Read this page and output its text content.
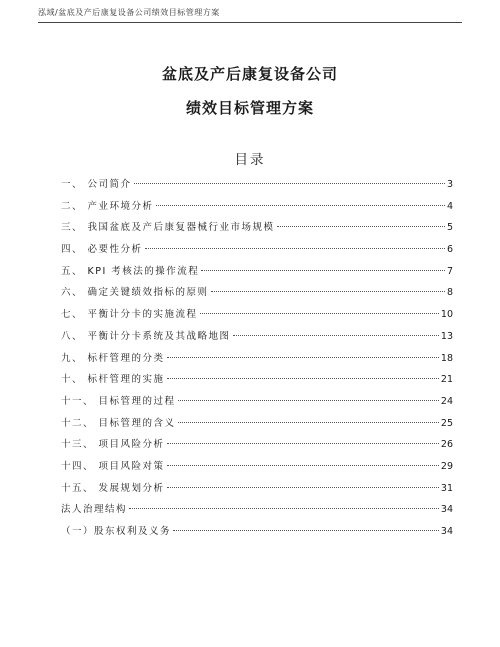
泓域/盆底及产后康复设备公司绩效目标管理方案
盆底及产后康复设备公司
绩效目标管理方案
目录
一、 公司简介	3
二、 产业环境分析	4
三、 我国盆底及产后康复器械行业市场规模	5
四、 必要性分析	6
五、 KPI 考核法的操作流程	7
六、 确定关键绩效指标的原则	8
七、 平衡计分卡的实施流程	10
八、 平衡计分卡系统及其战略地图	13
九、 标杆管理的分类	18
十、 标杆管理的实施	21
十一、 目标管理的过程	24
十二、 目标管理的含义	25
十三、 项目风险分析	26
十四、 项目风险对策	29
十五、 发展规划分析	31
法人治理结构	34
（一）股东权利及义务	34
